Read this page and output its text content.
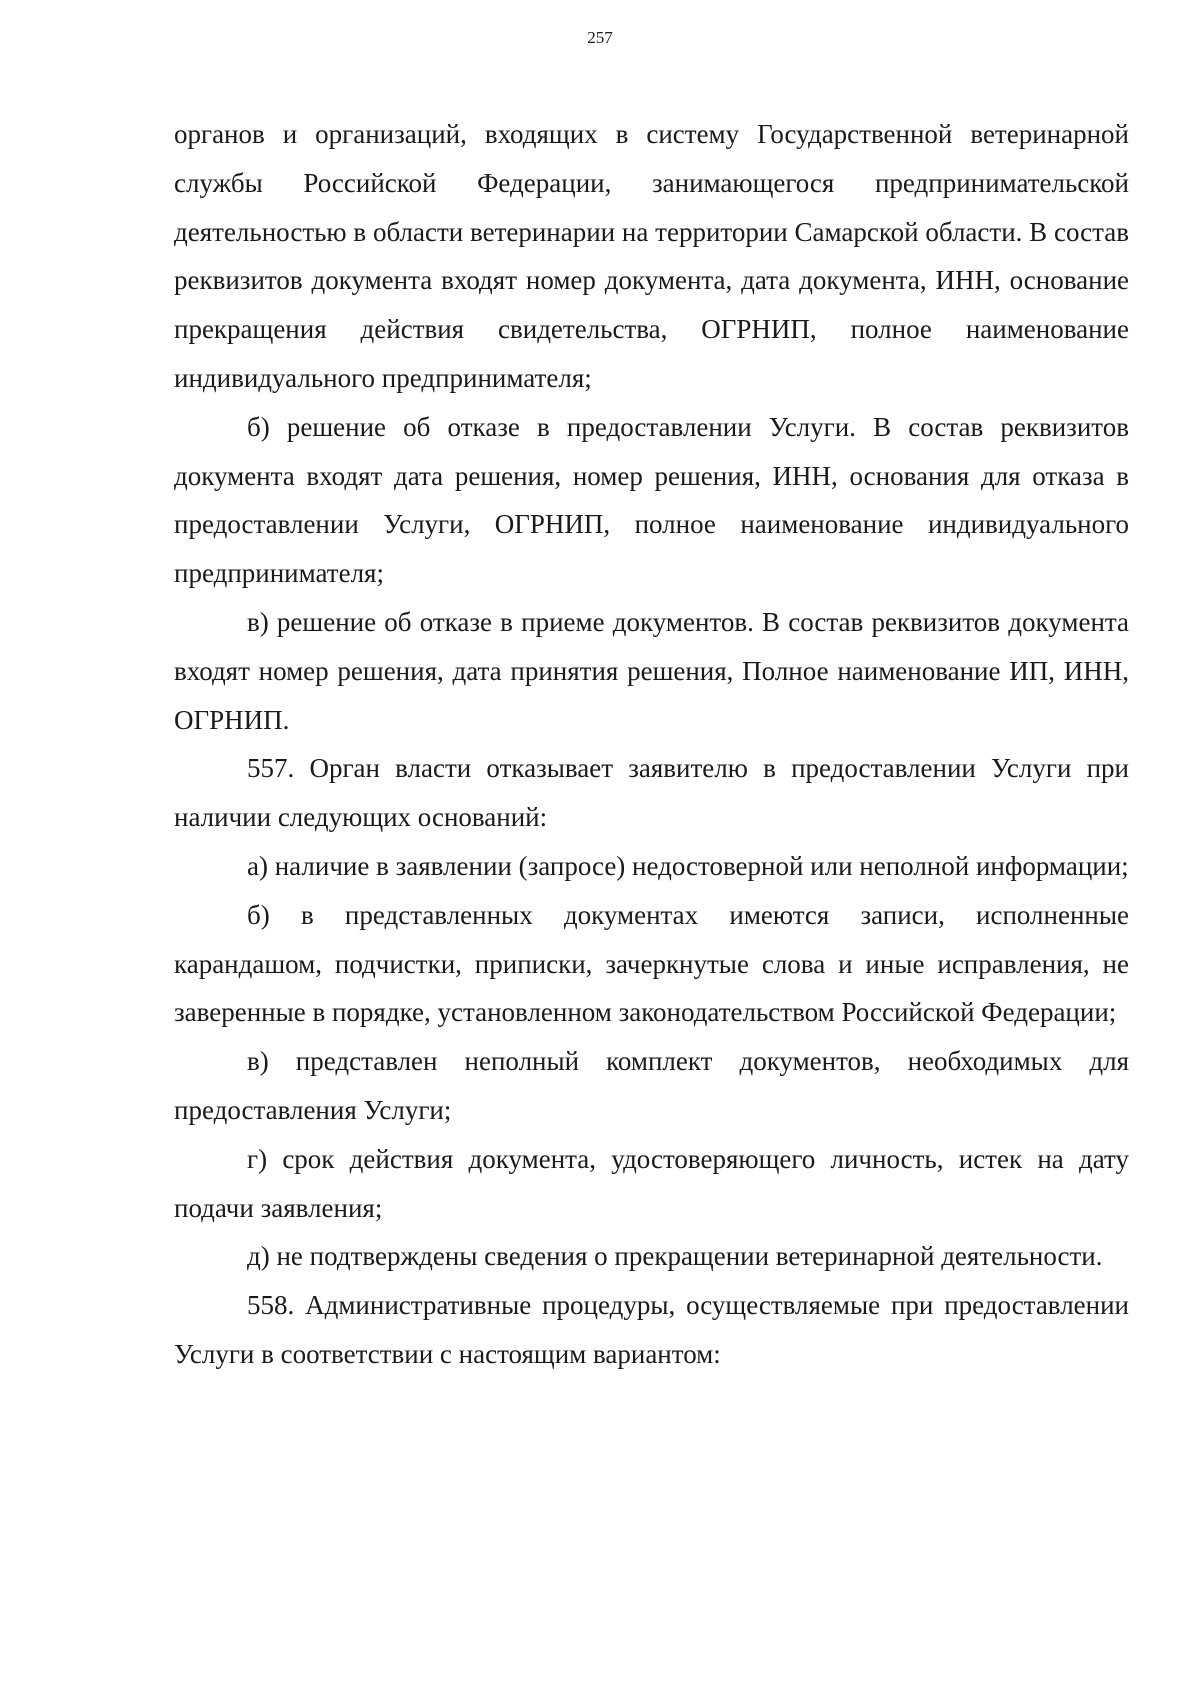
257

органов и организаций, входящих в систему Государственной ветеринарной службы Российской Федерации, занимающегося предпринимательской деятельностью в области ветеринарии на территории Самарской области. В состав реквизитов документа входят номер документа, дата документа, ИНН, основание прекращения действия свидетельства, ОГРНИП, полное наименование индивидуального предпринимателя;

б) решение об отказе в предоставлении Услуги. В состав реквизитов документа входят дата решения, номер решения, ИНН, основания для отказа в предоставлении Услуги, ОГРНИП, полное наименование индивидуального предпринимателя;

в) решение об отказе в приеме документов. В состав реквизитов документа входят номер решения, дата принятия решения, Полное наименование ИП, ИНН, ОГРНИП.

557. Орган власти отказывает заявителю в предоставлении Услуги при наличии следующих оснований:

а) наличие в заявлении (запросе) недостоверной или неполной информации;

б) в представленных документах имеются записи, исполненные карандашом, подчистки, приписки, зачеркнутые слова и иные исправления, не заверенные в порядке, установленном законодательством Российской Федерации;

в) представлен неполный комплект документов, необходимых для предоставления Услуги;

г) срок действия документа, удостоверяющего личность, истек на дату подачи заявления;

д) не подтверждены сведения о прекращении ветеринарной деятельности.

558. Административные процедуры, осуществляемые при предоставлении Услуги в соответствии с настоящим вариантом:
